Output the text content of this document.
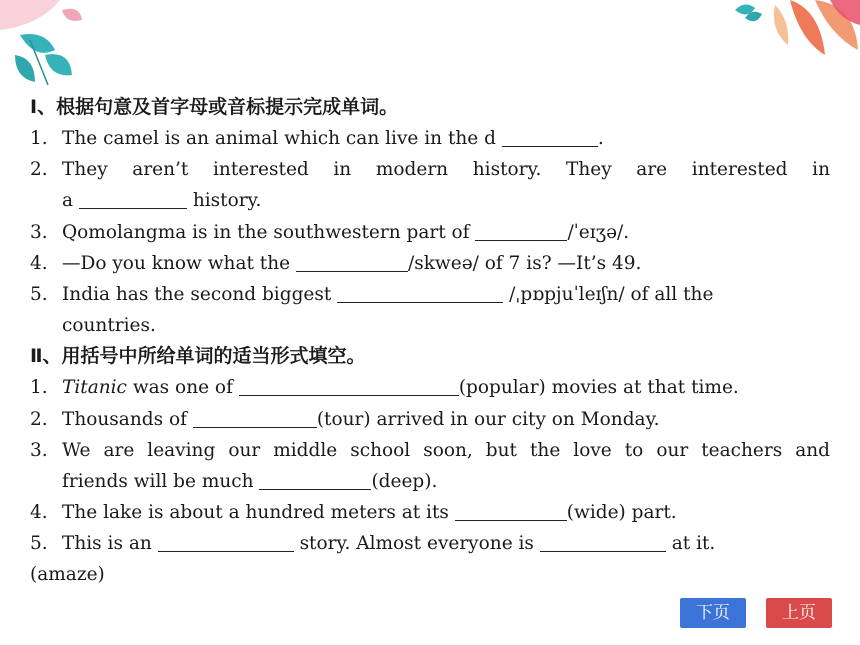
Ⅰ、根据句意及首字母或音标提示完成单词。
1. The camel is an animal which can live in the d	.
2. They aren’t interested in modern history. They are interested in
a	history.
3. Qomolangma is in the southwestern part of	/ˈeɪʒə/.
4. —Do you know what the	/skweə/ of 7 is? —It’s 49.
5. India has the second biggest	/ˌpɒpjuˈleɪʃn/ of all the
countries.
Ⅱ、用括号中所给单词的适当形式填空。
1. Titanic was one of	(popular) movies at that time.
2. Thousands of	(tour) arrived in our city on Monday.
3. We are leaving our middle school soon, but the love to our teachers and
friends will be much	(deep).
4. The lake is about a hundred meters at its	(wide) part.
5. This is an	story. Almost everyone is	at it.
(amaze)
下页	上页
